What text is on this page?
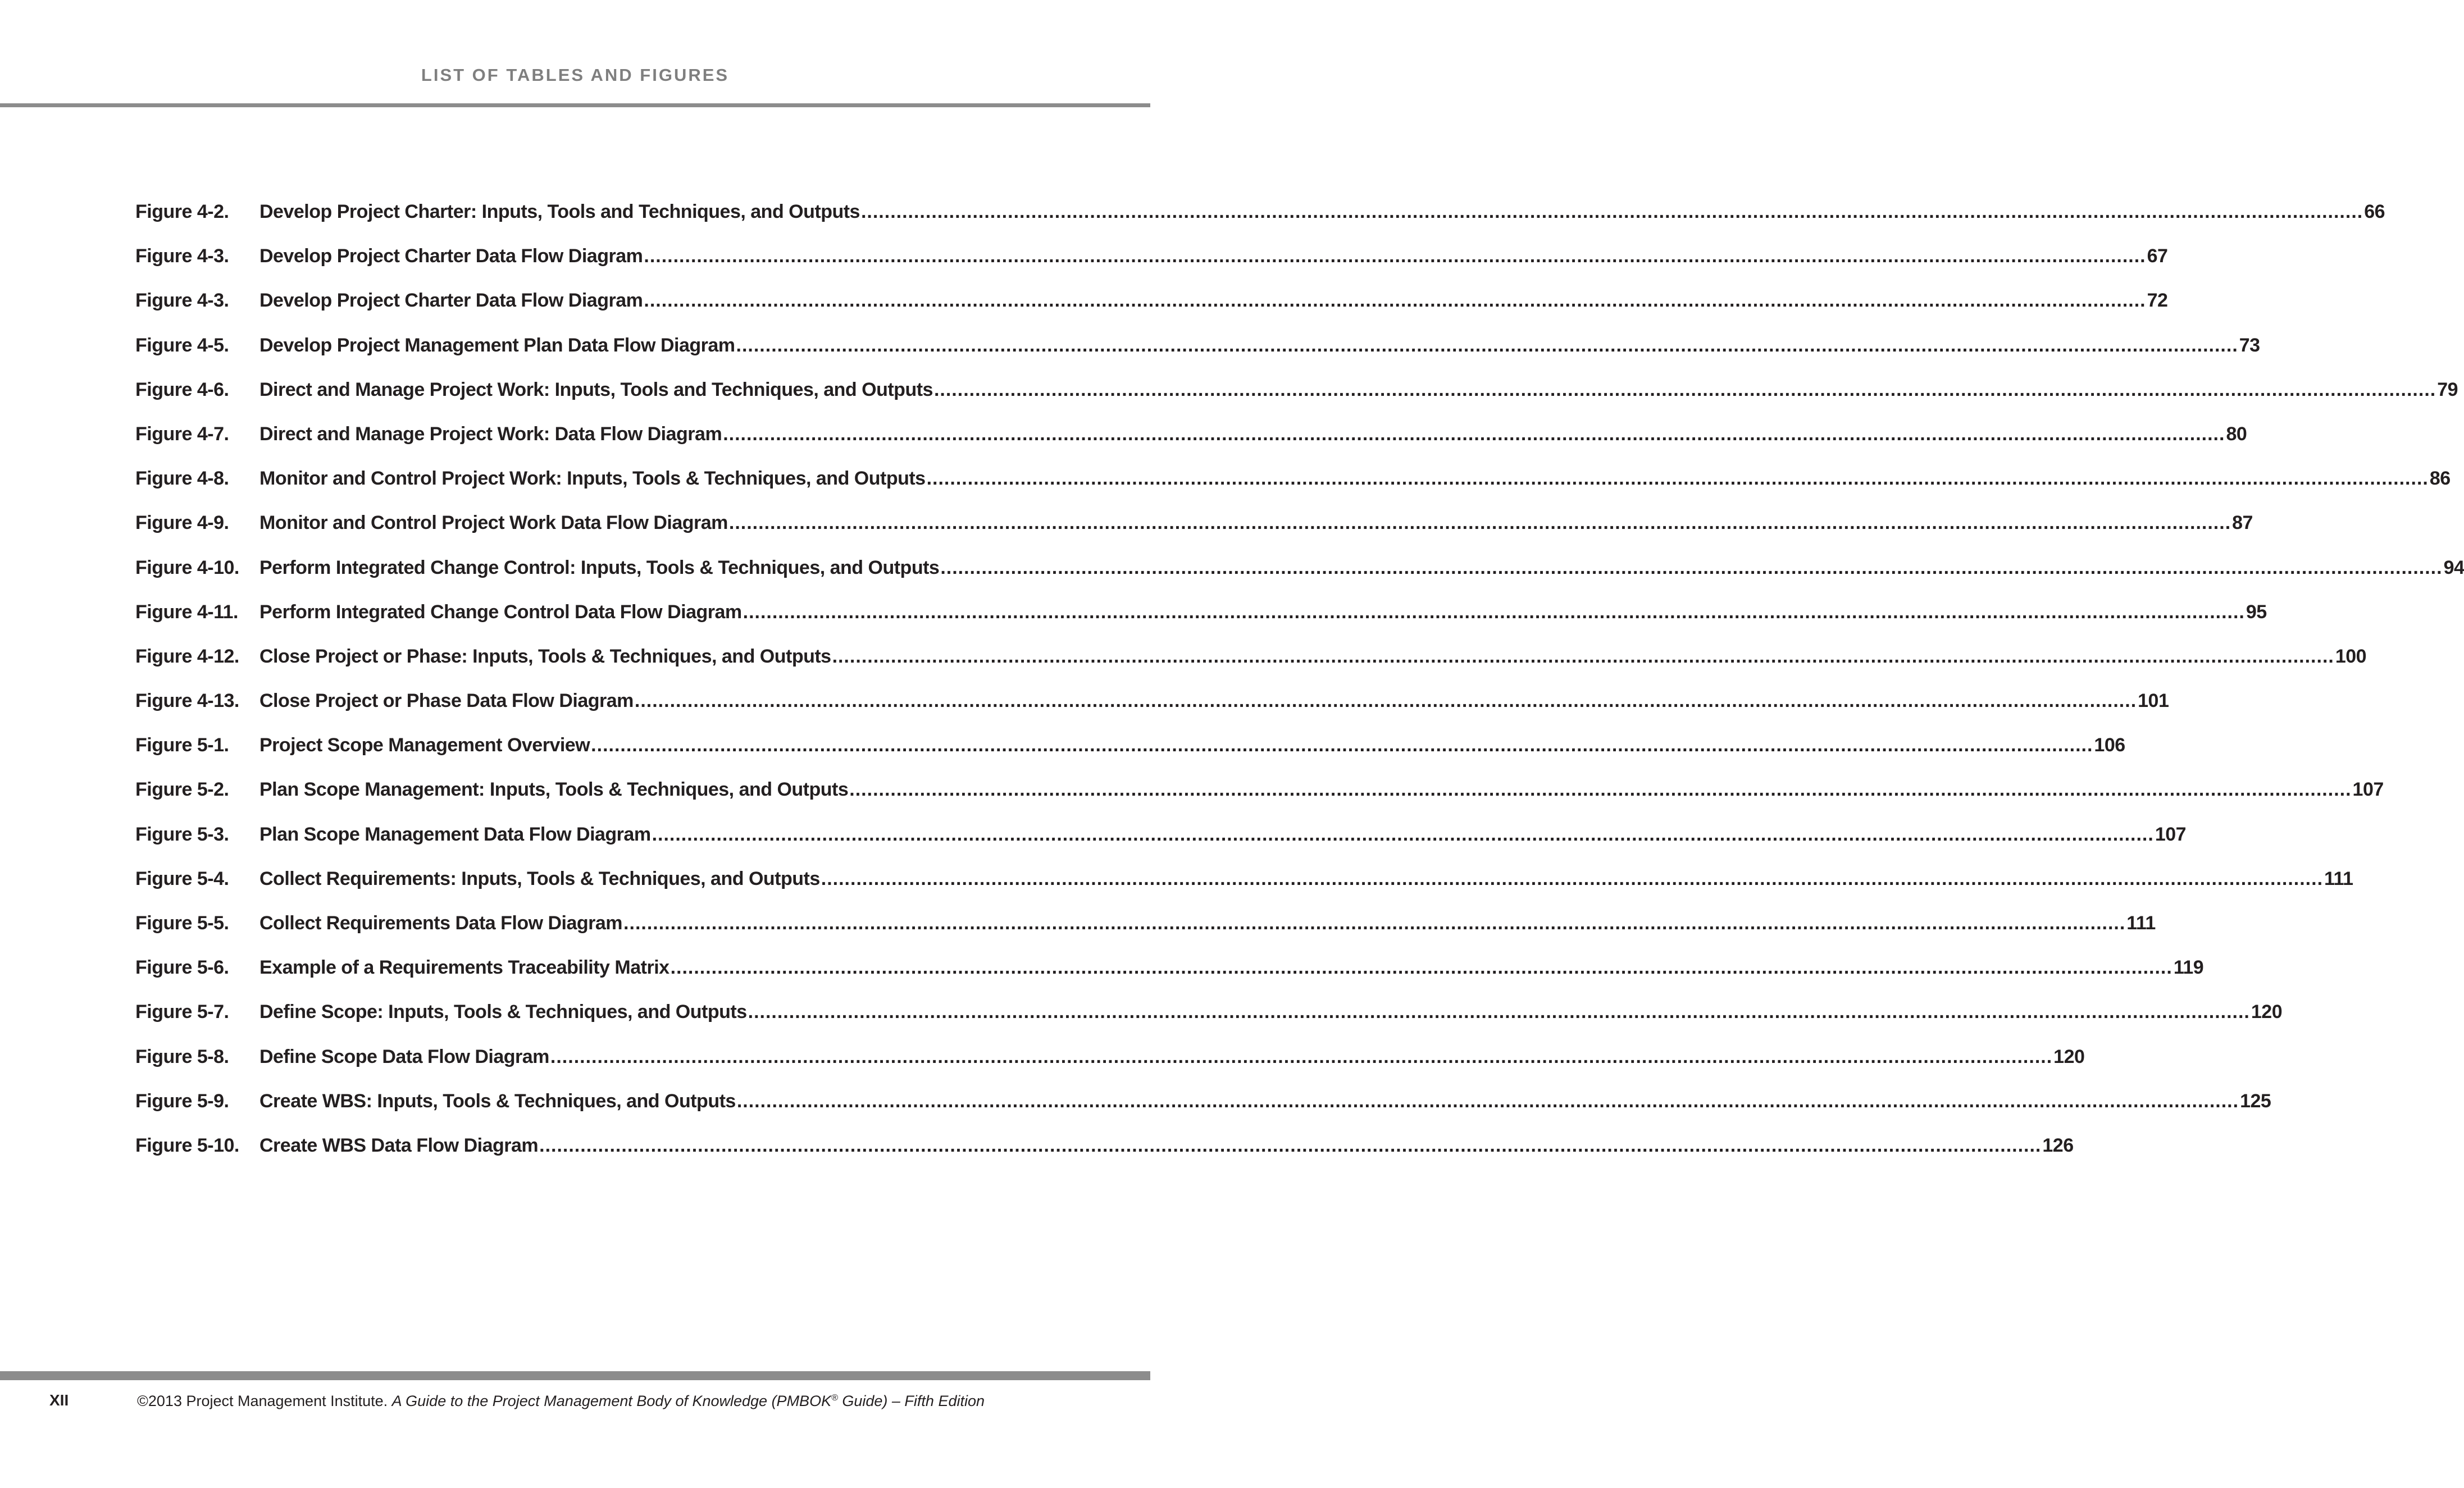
LIST OF TABLES AND FIGURES
Figure 4-2.	Develop Project Charter: Inputs, Tools and Techniques, and Outputs .....	66
Figure 4-3.	Develop Project Charter Data Flow Diagram .....	67
Figure 4-3.	Develop Project Charter Data Flow Diagram .....	72
Figure 4-5.	Develop Project Management Plan Data Flow Diagram .....	73
Figure 4-6.	Direct and Manage Project Work: Inputs, Tools and Techniques, and Outputs .....	79
Figure 4-7.	Direct and Manage Project Work: Data Flow Diagram .....	80
Figure 4-8.	Monitor and Control Project Work: Inputs, Tools & Techniques, and Outputs .....	86
Figure 4-9.	Monitor and Control Project Work Data Flow Diagram .....	87
Figure 4-10.	Perform Integrated Change Control: Inputs, Tools & Techniques, and Outputs .....	94
Figure 4-11.	Perform Integrated Change Control Data Flow Diagram .....	95
Figure 4-12.	Close Project or Phase: Inputs, Tools & Techniques, and Outputs .....	100
Figure 4-13.	Close Project or Phase Data Flow Diagram .....	101
Figure 5-1.	Project Scope Management Overview .....	106
Figure 5-2.	Plan Scope Management: Inputs, Tools & Techniques, and Outputs .....	107
Figure 5-3.	Plan Scope Management Data Flow Diagram .....	107
Figure 5-4.	Collect Requirements: Inputs, Tools & Techniques, and Outputs .....	111
Figure 5-5.	Collect Requirements Data Flow Diagram .....	111
Figure 5-6.	Example of a Requirements Traceability Matrix .....	119
Figure 5-7.	Define Scope: Inputs, Tools & Techniques, and Outputs .....	120
Figure 5-8.	Define Scope Data Flow Diagram .....	120
Figure 5-9.	Create WBS: Inputs, Tools & Techniques, and Outputs .....	125
Figure 5-10.	Create WBS Data Flow Diagram .....	126
XII	©2013 Project Management Institute. A Guide to the Project Management Body of Knowledge (PMBOK® Guide) – Fifth Edition
